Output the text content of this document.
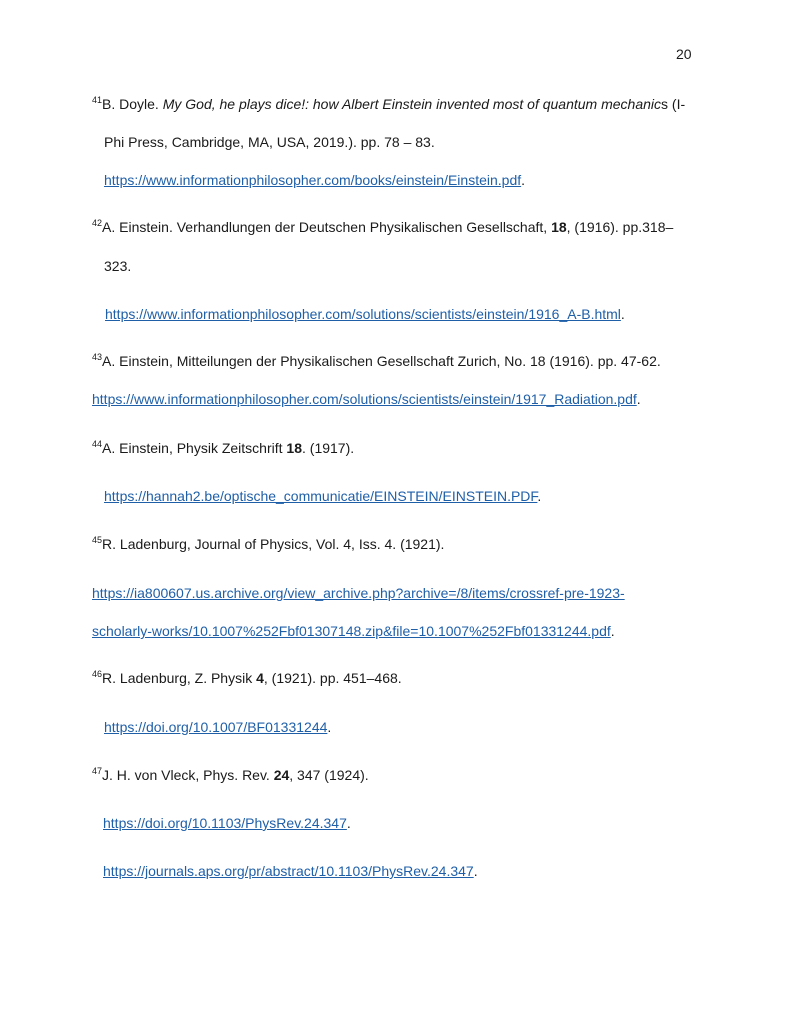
20
$^{41}$B. Doyle. My God, he plays dice!: how Albert Einstein invented most of quantum mechanics (I-
Phi Press, Cambridge, MA, USA, 2019.). pp. 78 – 83.
https://www.informationphilosopher.com/books/einstein/Einstein.pdf.
$^{42}$A. Einstein. Verhandlungen der Deutschen Physikalischen Gesellschaft, 18, (1916). pp.318–
323.
https://www.informationphilosopher.com/solutions/scientists/einstein/1916_A-B.html.
$^{43}$A. Einstein, Mitteilungen der Physikalischen Gesellschaft Zurich, No. 18 (1916). pp. 47-62.
https://www.informationphilosopher.com/solutions/scientists/einstein/1917_Radiation.pdf.
$^{44}$A. Einstein, Physik Zeitschrift 18. (1917).
https://hannah2.be/optische_communicatie/EINSTEIN/EINSTEIN.PDF.
$^{45}$R. Ladenburg, Journal of Physics, Vol. 4, Iss. 4. (1921).
https://ia800607.us.archive.org/view_archive.php?archive=/8/items/crossref-pre-1923-
scholarly-works/10.1007%252Fbf01307148.zip&file=10.1007%252Fbf01331244.pdf.
$^{46}$R. Ladenburg, Z. Physik 4, (1921). pp. 451–468.
https://doi.org/10.1007/BF01331244.
$^{47}$J. H. von Vleck, Phys. Rev. 24, 347 (1924).
https://doi.org/10.1103/PhysRev.24.347.
https://journals.aps.org/pr/abstract/10.1103/PhysRev.24.347.
